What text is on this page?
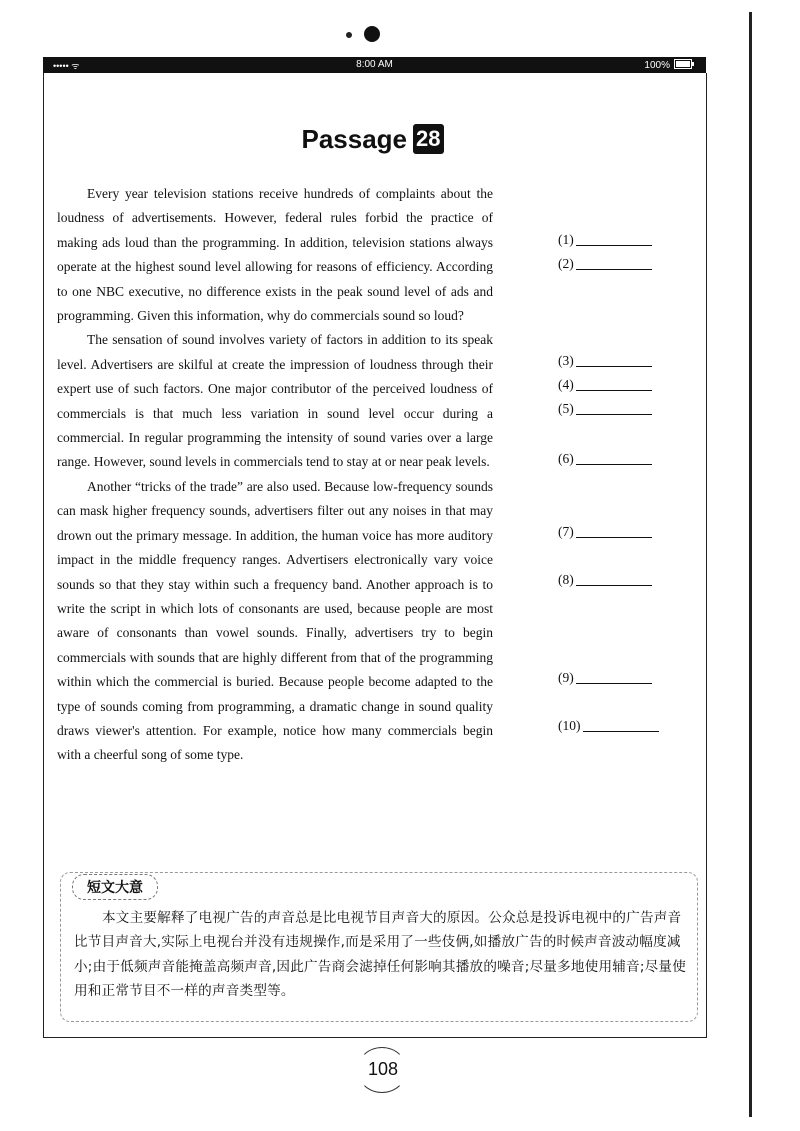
••••• ᯤ	8:00 AM	100%
Passage 28

Every year television stations receive hundreds of complaints about the loudness of advertisements. However, federal rules forbid the practice of making ads loud than the programming. In addition, television stations always operate at the highest sound level allowing for reasons of efficiency. According to one NBC executive, no difference exists in the peak sound level of ads and programming. Given this information, why do commercials sound so loud?

The sensation of sound involves variety of factors in addition to its speak level. Advertisers are skilful at create the impression of loudness through their expert use of such factors. One major contributor of the perceived loudness of commercials is that much less variation in sound level occur during a commercial. In regular programming the intensity of sound varies over a large range. However, sound levels in commercials tend to stay at or near peak levels.

Another “tricks of the trade” are also used. Because low-frequency sounds can mask higher frequency sounds, advertisers filter out any noises in that may drown out the primary message. In addition, the human voice has more auditory impact in the middle frequency ranges. Advertisers electronically vary voice sounds so that they stay within such a frequency band. Another approach is to write the script in which lots of consonants are used, because people are most aware of consonants than vowel sounds. Finally, advertisers try to begin commercials with sounds that are highly different from that of the programming within which the commercial is buried. Because people become adapted to the type of sounds coming from programming, a dramatic change in sound quality draws viewer's attention. For example, notice how many commercials begin with a cheerful song of some type.

(1)
(2)
(3)
(4)
(5)
(6)
(7)
(8)
(9)
(10)
短文大意
本文主要解释了电视广告的声音总是比电视节目声音大的原因。公众总是投诉电视中的广告声音比节目声音大,实际上电视台并没有违规操作,而是采用了一些伎俩,如播放广告的时候声音波动幅度减小;由于低频声音能掩盖高频声音,因此广告商会滤掉任何影响其播放的噪音;尽量多地使用辅音;尽量使用和正常节目不一样的声音类型等。
108
